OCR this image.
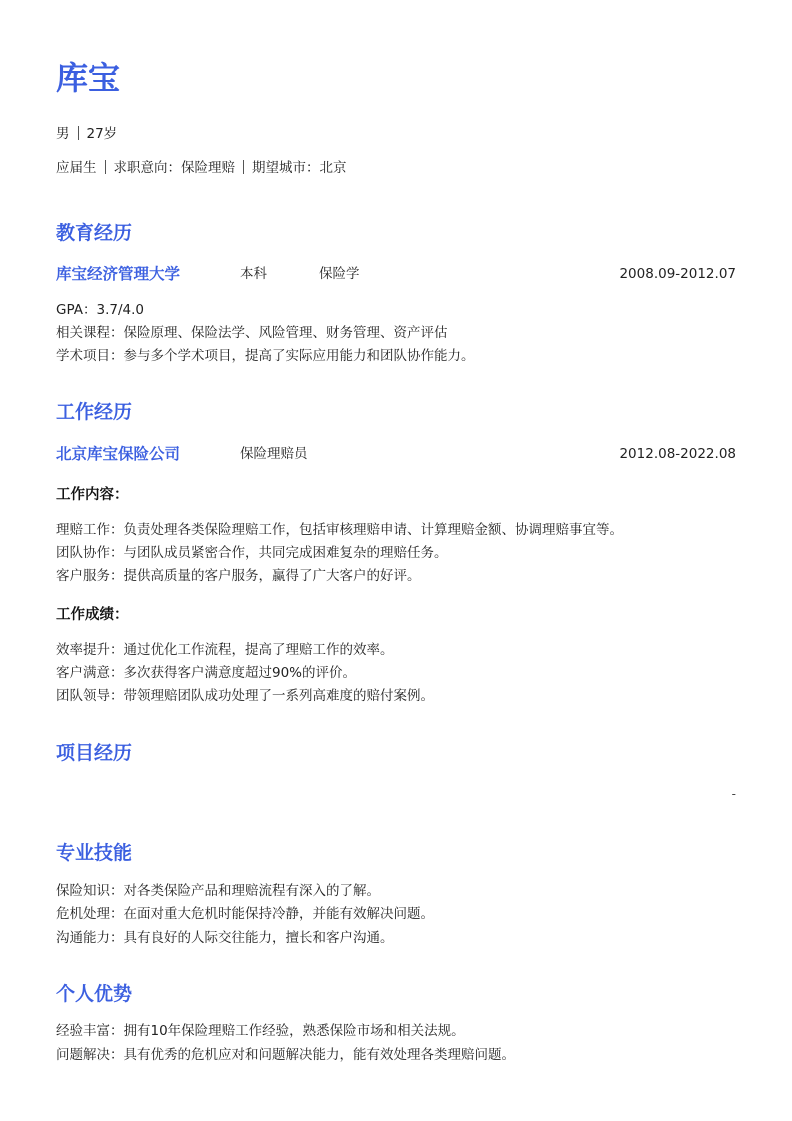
库宝
男 27岁
应届生 求职意向：保险理赔 期望城市：北京
教育经历
库宝经济管理大学	本科	保险学	2008.09-2012.07
GPA：3.7/4.0
相关课程：保险原理、保险法学、风险管理、财务管理、资产评估
学术项目：参与多个学术项目，提高了实际应用能力和团队协作能力。
工作经历
北京库宝保险公司	保险理赔员	2012.08-2022.08
工作内容：
理赔工作：负责处理各类保险理赔工作，包括审核理赔申请、计算理赔金额、协调理赔事宜等。
团队协作：与团队成员紧密合作，共同完成困难复杂的理赔任务。
客户服务：提供高质量的客户服务，赢得了广大客户的好评。
工作成绩：
效率提升：通过优化工作流程，提高了理赔工作的效率。
客户满意：多次获得客户满意度超过90%的评价。
团队领导：带领理赔团队成功处理了一系列高难度的赔付案例。
项目经历
-
专业技能
保险知识：对各类保险产品和理赔流程有深入的了解。
危机处理：在面对重大危机时能保持冷静，并能有效解决问题。
沟通能力：具有良好的人际交往能力，擅长和客户沟通。
个人优势
经验丰富：拥有10年保险理赔工作经验，熟悉保险市场和相关法规。
问题解决：具有优秀的危机应对和问题解决能力，能有效处理各类理赔问题。
